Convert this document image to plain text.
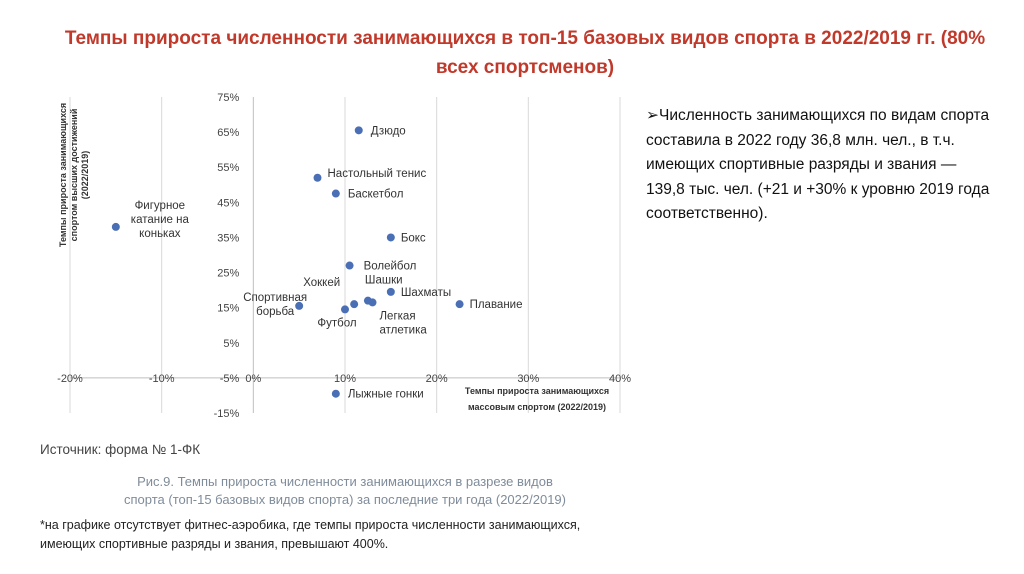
Темпы прироста численности занимающихся в топ-15 базовых видов спорта в 2022/2019 гг. (80% всех спортсменов)
-20%	-10%	0%	10%	20%	30%	40%
75%
65%
55%
45%
35%
25%
15%
5%
-5%
-15%
Дзюдо
Настольный тенис
Баскетбол
Фигурное катание на коньках	Бокс
Волейбол
Шахматы
Хоккей Шашки
Легкая атлетика
Плавание
Спортивная борьба
Футбол
Лыжные гонки
Темпы прироста занимающихся спортом высших достижений (2022/2019)
Темпы прироста занимающихся
массовым спортом (2022/2019)
➢Численность занимающихся по видам спорта составила в 2022 году 36,8 млн. чел., в т.ч. имеющих спортивные разряды и звания — 139,8 тыс. чел. (+21 и +30% к уровню 2019 года соответственно).
Источник: форма № 1-ФК
Рис.9. Темпы прироста численности занимающихся в разрезе видов
спорта (топ-15 базовых видов спорта) за последние три года (2022/2019)
*на графике отсутствует фитнес-аэробика, где темпы прироста численности занимающихся,
имеющих спортивные разряды и звания, превышают 400%.
